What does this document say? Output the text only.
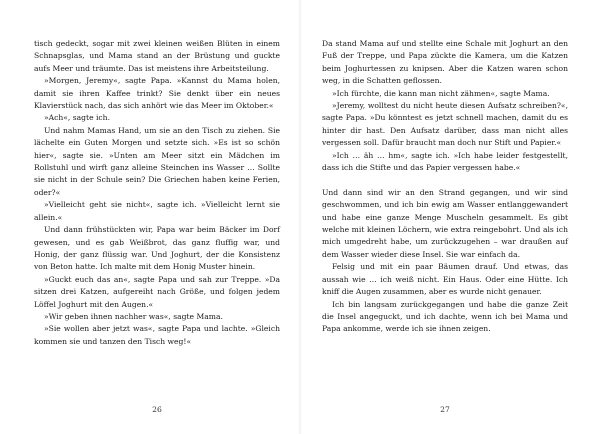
tisch gedeckt, sogar mit zwei kleinen weißen Blüten in einem Schnapsglas, und Mama stand an der Brüstung und guckte aufs Meer und träumte. Das ist meistens ihre Arbeitsteilung.

»Morgen, Jeremy«, sagte Papa. »Kannst du Mama holen, damit sie ihren Kaffee trinkt? Sie denkt über ein neues Klavierstück nach, das sich anhört wie das Meer im Oktober.«

»Ach«, sagte ich.

Und nahm Mamas Hand, um sie an den Tisch zu ziehen. Sie lächelte ein Guten Morgen und setzte sich. »Es ist so schön hier«, sagte sie. »Unten am Meer sitzt ein Mädchen im Rollstuhl und wirft ganz alleine Steinchen ins Wasser … Sollte sie nicht in der Schule sein? Die Griechen haben keine Ferien, oder?«

»Vielleicht geht sie nicht«, sagte ich. »Vielleicht lernt sie allein.«

Und dann frühstückten wir, Papa war beim Bäcker im Dorf gewesen, und es gab Weißbrot, das ganz fluffig war, und Honig, der ganz flüssig war. Und Joghurt, der die Konsistenz von Beton hatte. Ich malte mit dem Honig Muster hinein.

»Guckt euch das an«, sagte Papa und sah zur Treppe. »Da sitzen drei Katzen, aufgereiht nach Größe, und folgen jedem Löffel Joghurt mit den Augen.«

»Wir geben ihnen nachher was«, sagte Mama.

»Sie wollen aber jetzt was«, sagte Papa und lachte. »Gleich kommen sie und tanzen den Tisch weg!«

26

Da stand Mama auf und stellte eine Schale mit Joghurt an den Fuß der Treppe, und Papa zückte die Kamera, um die Katzen beim Joghurtessen zu knipsen. Aber die Katzen waren schon weg, in die Schatten geflossen.

»Ich fürchte, die kann man nicht zähmen«, sagte Mama.

»Jeremy, wolltest du nicht heute diesen Aufsatz schreiben?«, sagte Papa. »Du könntest es jetzt schnell machen, damit du es hinter dir hast. Den Aufsatz darüber, dass man nicht alles vergessen soll. Dafür braucht man doch nur Stift und Papier.«

»Ich … äh … hm«, sagte ich. »Ich habe leider festgestellt, dass ich die Stifte und das Papier vergessen habe.«

Und dann sind wir an den Strand gegangen, und wir sind geschwommen, und ich bin ewig am Wasser entlanggewandert und habe eine ganze Menge Muscheln gesammelt. Es gibt welche mit kleinen Löchern, wie extra reingebohrt. Und als ich mich umgedreht habe, um zurückzugehen – war draußen auf dem Wasser wieder diese Insel. Sie war einfach da.

Felsig und mit ein paar Bäumen drauf. Und etwas, das aussah wie … ich weiß nicht. Ein Haus. Oder eine Hütte. Ich kniff die Augen zusammen, aber es wurde nicht genauer.

Ich bin langsam zurückgegangen und habe die ganze Zeit die Insel angeguckt, und ich dachte, wenn ich bei Mama und Papa ankomme, werde ich sie ihnen zeigen.

27
